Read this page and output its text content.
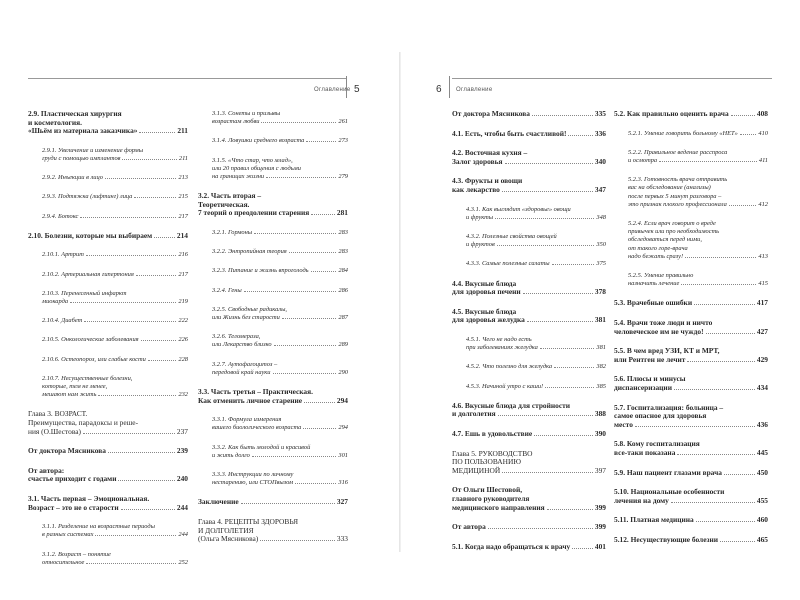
Оглавление 5	6 Оглавление
2.9. Пластическая хирургия
и косметология.
«Шьём из материала заказчика»	211
2.9.1. Увеличение и изменение формы
груди с помощью имплантов	211
2.9.2. Инъекции в лицо	213
2.9.3. Подтяжка (лифтинг) лица	215
2.9.4. Ботокс	217
2.10. Болезни, которые мы выбираем	214
2.10.1. Артрит	216
2.10.2. Артериальная гипертония	217
2.10.3. Перенесенный инфаркт
миокарда	219
2.10.4. Диабет	222
2.10.5. Онкологические заболевания	226
2.10.6. Остеопороз, или слабые кости	228
2.10.7. Несущественные болезни,
которые, тем не менее,
мешают нам жить	232
Глава 3. ВОЗРАСТ.
Преимущества, парадоксы и реше-
ния (О.Шестова)	237
От доктора Мясникова	239
От автора:
счастье приходит с годами	240
3.1. Часть первая – Эмоциональная.
Возраст – это не о старости	244
3.1.1. Разделение на возрастные периоды
в разных системах	244
3.1.2. Возраст – понятие
относительное	252
3.1.3. Сонеты и призывы
возрастам любви	261
3.1.4. Ловушки среднего возраста	273
3.1.5. «Что стар, что млад»,
или 20 правил общения с людьми
на границах жизни	279
3.2. Часть вторая –
Теоретическая.
7 теорий о преодолении старения	281
3.2.1. Гормоны	283
3.2.2. Энтропийная теория	283
3.2.3. Питание и жизнь впроголодь	284
3.2.4. Гены	286
3.2.5. Свободные радикалы,
или Жизнь без старости	287
3.2.6. Теломераза,
или Лекарство близко	289
3.2.7. Аутофагоцитоз –
передовой край науки	290
3.3. Часть третья – Практическая.
Как отменить личное старение	294
3.3.1. Формула измерения
вашего биологического возраста	294
3.3.2. Как быть молодой и красивой
и жить долго	301
3.3.3. Инструкции по личному
нестарению, или СТОПвызом	316
Заключение	327
Глава 4. РЕЦЕПТЫ ЗДОРОВЬЯ
И ДОЛГОЛЕТИЯ
(Ольга Мясникова)	333
От доктора Мясникова	335
4.1. Есть, чтобы быть счастливой!	336
4.2. Восточная кухня –
Залог здоровья	340
4.3. Фрукты и овощи
как лекарство	347
4.3.1. Как выглядит «здоровье» овощи
и фрукты	348
4.3.2. Полезные свойства овощей
и фруктов	350
4.3.3. Самые полезные салаты	375
4.4. Вкусные блюда
для здоровья печени	378
4.5. Вкусные блюда
для здоровья желудка	381
4.5.1. Чего не надо есть
при заболеваниях желудка	381
4.5.2. Что полезно для желудка	382
4.5.3. Начиной утро с каши!	385
4.6. Вкусные блюда для стройности
и долголетия	388
4.7. Ешь в удовольствие	390
Глава 5. РУКОВОДСТВО
ПО ПОЛЬЗОВАНИЮ
МЕДИЦИНОЙ	397
От Ольги Шестовой,
главного руководителя
медицинского направления	399
От автора	399
5.1. Когда надо обращаться к врачу	401
5.2. Как правильно оценить врача	408
5.2.1. Умение говорить больному «НЕТ»	410
5.2.2. Правильное ведение расспроса
и осмотра	411
5.2.3. Готовность врача отправить
вас на обследование (анализы)
после первых 5 минут разговора –
это признак плохого профессионала	412
5.2.4. Если врач говорит о вреде
привычек или про необходимость
обследоваться перед ними,
от такого горе-врача
надо бежать сразу!	413
5.2.5. Умение правильно
назначить лечение	415
5.3. Врачебные ошибки	417
5.4. Врачи тоже люди и ничто
человеческое им не чуждо!	427
5.5. В чем вред УЗИ, КТ и МРТ,
или Рентген не лечит	429
5.6. Плюсы и минусы
диспансеризации	434
5.7. Госпитализация: больница –
самое опасное для здоровья
место	436
5.8. Кому госпитализация
все-таки показана	445
5.9. Наш пациент глазами врача	450
5.10. Национальные особенности
лечения на дому	455
5.11. Платная медицина	460
5.12. Несуществующие болезни	465
